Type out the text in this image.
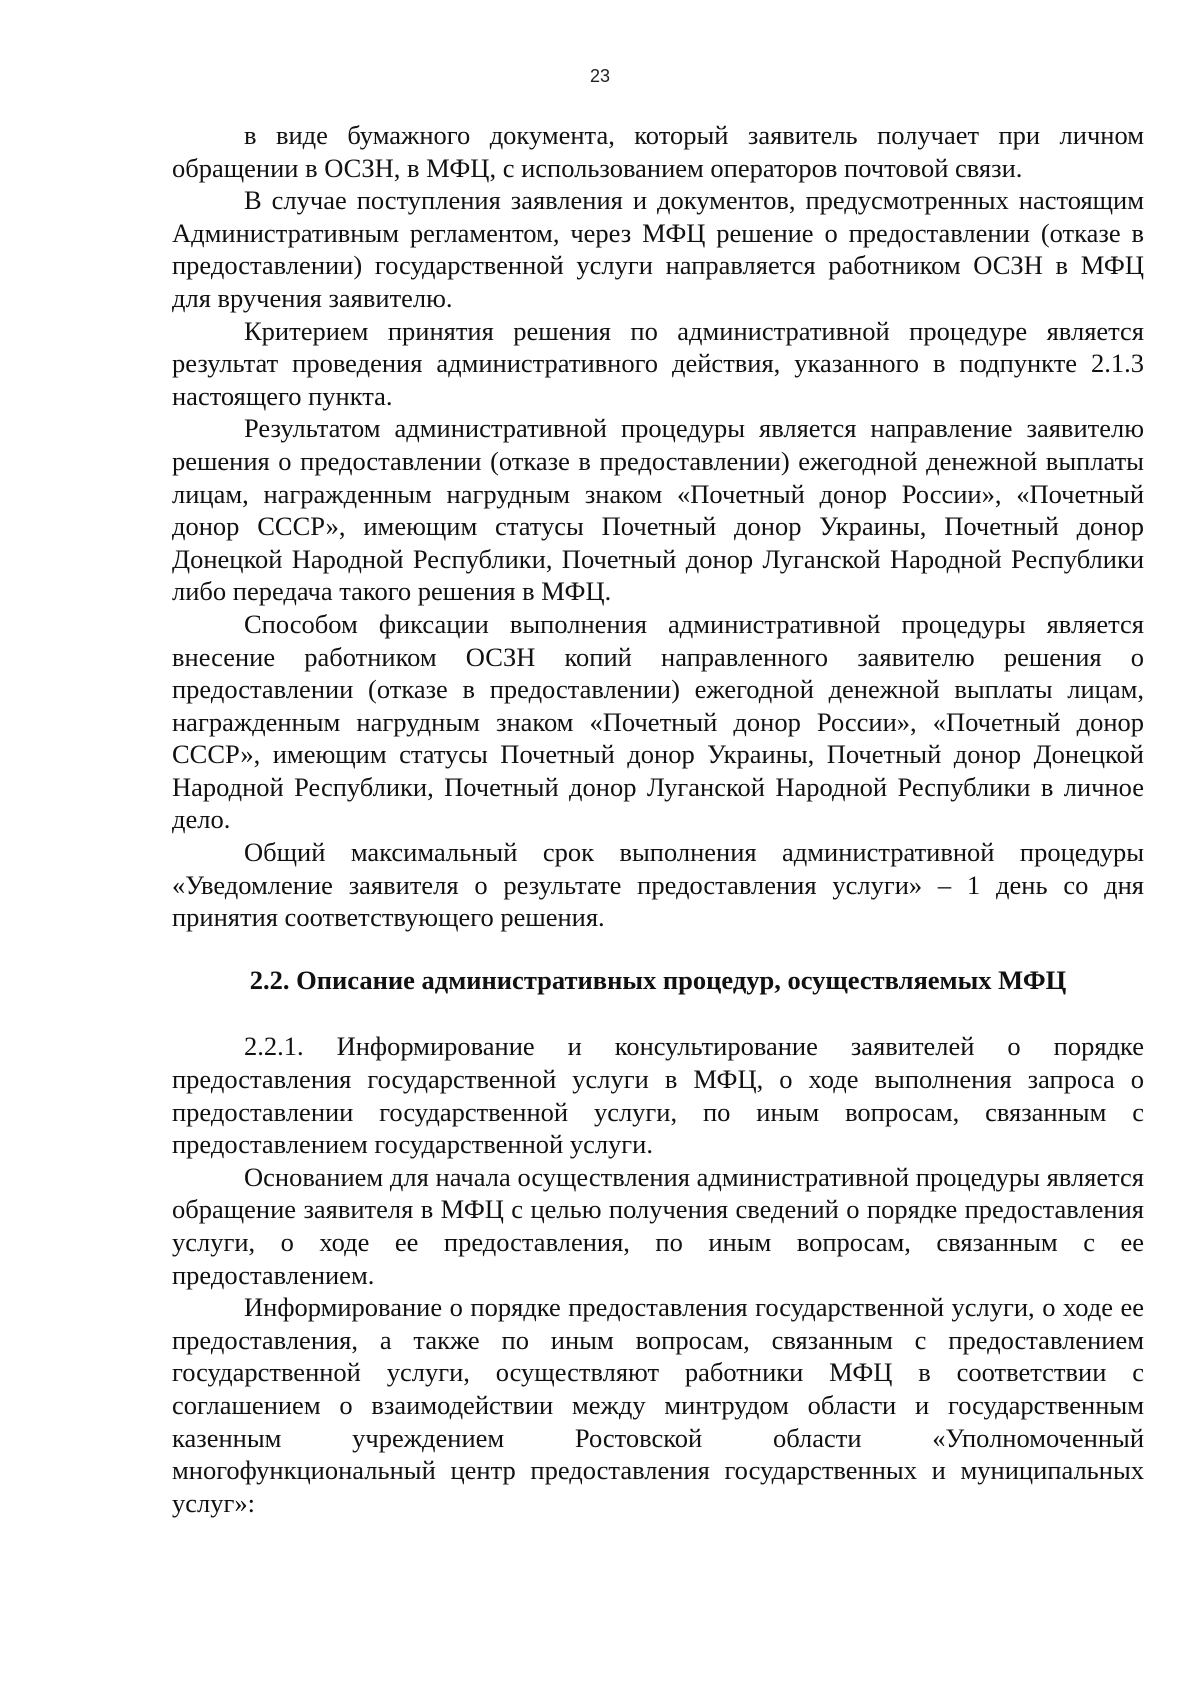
23

в виде бумажного документа, который заявитель получает при личном обращении в ОСЗН, в МФЦ, с использованием операторов почтовой связи.

В случае поступления заявления и документов, предусмотренных настоящим Административным регламентом, через МФЦ решение о предоставлении (отказе в предоставлении) государственной услуги направляется работником ОСЗН в МФЦ для вручения заявителю.

Критерием принятия решения по административной процедуре является результат проведения административного действия, указанного в подпункте 2.1.3 настоящего пункта.

Результатом административной процедуры является направление заявителю решения о предоставлении (отказе в предоставлении) ежегодной денежной выплаты лицам, награжденным нагрудным знаком «Почетный донор России», «Почетный донор СССР», имеющим статусы Почетный донор Украины, Почетный донор Донецкой Народной Республики, Почетный донор Луганской Народной Республики либо передача такого решения в МФЦ.

Способом фиксации выполнения административной процедуры является внесение работником ОСЗН копий направленного заявителю решения о предоставлении (отказе в предоставлении) ежегодной денежной выплаты лицам, награжденным нагрудным знаком «Почетный донор России», «Почетный донор СССР», имеющим статусы Почетный донор Украины, Почетный донор Донецкой Народной Республики, Почетный донор Луганской Народной Республики в личное дело.

Общий максимальный срок выполнения административной процедуры «Уведомление заявителя о результате предоставления услуги» – 1 день со дня принятия соответствующего решения.

2.2. Описание административных процедур, осуществляемых МФЦ

2.2.1. Информирование и консультирование заявителей о порядке предоставления государственной услуги в МФЦ, о ходе выполнения запроса о предоставлении государственной услуги, по иным вопросам, связанным с предоставлением государственной услуги.

Основанием для начала осуществления административной процедуры является обращение заявителя в МФЦ с целью получения сведений о порядке предоставления услуги, о ходе ее предоставления, по иным вопросам, связанным с ее предоставлением.

Информирование о порядке предоставления государственной услуги, о ходе ее предоставления, а также по иным вопросам, связанным с предоставлением государственной услуги, осуществляют работники МФЦ в соответствии с соглашением о взаимодействии между минтрудом области и государственным казенным учреждением Ростовской области «Уполномоченный многофункциональный центр предоставления государственных и муниципальных услуг»:
